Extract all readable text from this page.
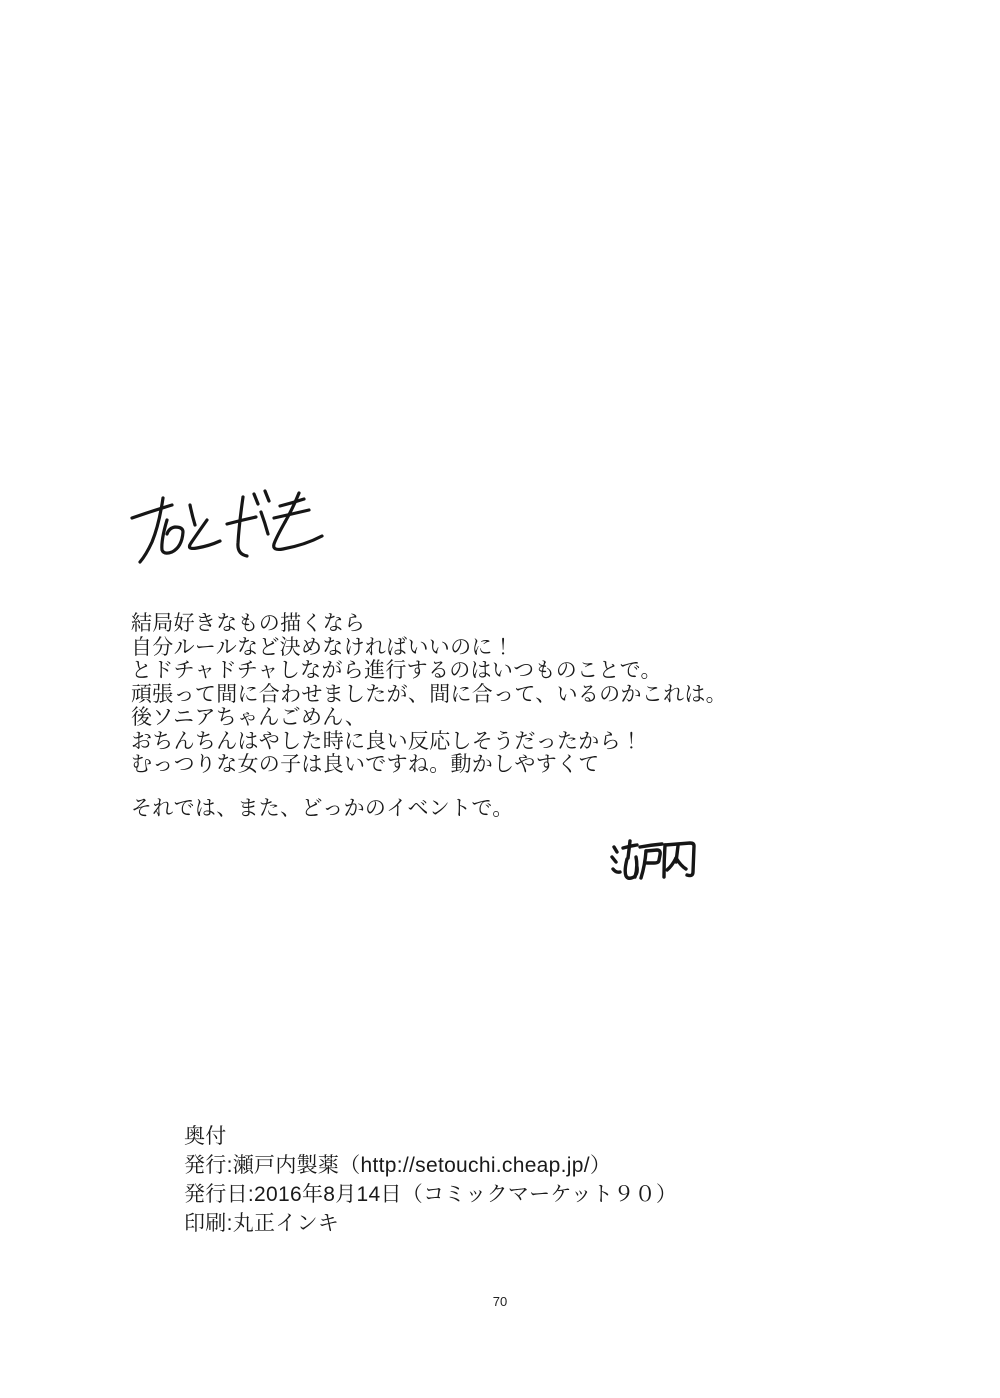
結局好きなもの描くなら
自分ルールなど決めなければいいのに！
とドチャドチャしながら進行するのはいつものことで。
頑張って間に合わせましたが、間に合って、いるのかこれは。
後ソニアちゃんごめん、
おちんちんはやした時に良い反応しそうだったから！
むっつりな女の子は良いですね。動かしやすくて
それでは、また、どっかのイベントで。
奥付
発行:瀬戸内製薬（http://setouchi.cheap.jp/）
発行日:2016年8月14日（コミックマーケット９０）
印刷:丸正インキ
70
